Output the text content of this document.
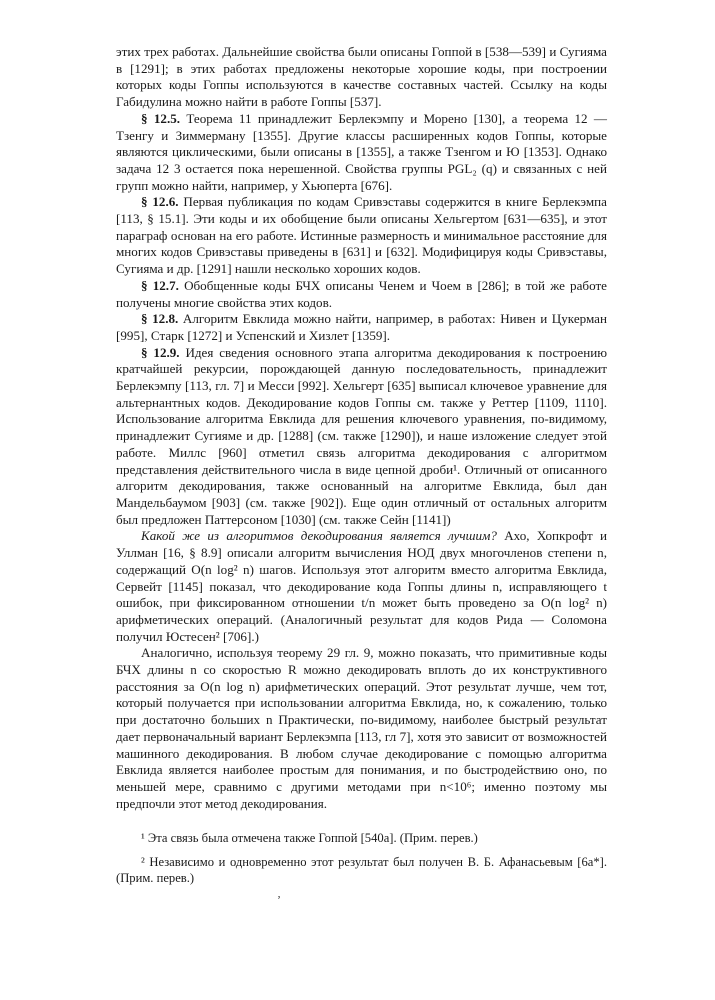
этих трех работах. Дальнейшие свойства были описаны Гоппой в [538—539] и Сугияма в [1291]; в этих работах предложены некоторые хорошие коды, при построении которых коды Гоппы используются в качестве составных частей. Ссылку на коды Габидулина можно найти в работе Гоппы [537].

§ 12.5. Теорема 11 принадлежит Берлекэмпу и Морено [130], а теорема 12 — Тзенгу и Зиммерману [1355]. Другие классы расширенных кодов Гоппы, которые являются циклическими, были описаны в [1355], а также Тзенгом и Ю [1353]. Однако задача 12 3 остается пока нерешенной. Свойства группы PGL₂ (q) и связанных с ней групп можно найти, например, у Хьюперта [676].

§ 12.6. Первая публикация по кодам Сривэставы содержится в книге Берлекэмпа [113, § 15.1]. Эти коды и их обобщение были описаны Хельгертом [631—635], и этот параграф основан на его работе. Истинные размерность и минимальное расстояние для многих кодов Сривэставы приведены в [631] и [632]. Модифицируя коды Сривэставы, Сугияма и др. [1291] нашли несколько хороших кодов.

§ 12.7. Обобщенные коды БЧХ описаны Ченем и Чоем в [286]; в той же работе получены многие свойства этих кодов.

§ 12.8. Алгоритм Евклида можно найти, например, в работах: Нивен и Цукерман [995], Старк [1272] и Успенский и Хизлет [1359].

§ 12.9. Идея сведения основного этапа алгоритма декодирования к построению кратчайшей рекурсии, порождающей данную последовательность, принадлежит Берлекэмпу [113, гл. 7] и Месси [992]. Хельгерт [635] выписал ключевое уравнение для альтернантных кодов. Декодирование кодов Гоппы см. также у Реттер [1109, 1110]. Использование алгоритма Евклида для решения ключевого уравнения, по-видимому, принадлежит Сугияме и др. [1288] (см. также [1290]), и наше изложение следует этой работе. Миллс [960] отметил связь алгоритма декодирования с алгоритмом представления действительного числа в виде цепной дроби¹. Отличный от описанного алгоритм декодирования, также основанный на алгоритме Евклида, был дан Мандельбаумом [903] (см. также [902]). Еще один отличный от остальных алгоритм был предложен Паттерсоном [1030] (см. также Сейн [1141])

Какой же из алгоритмов декодирования является лучшим? Ахо, Хопкрофт и Уллман [16, § 8.9] описали алгоритм вычисления НОД двух многочленов степени n, содержащий O(n log² n) шагов. Используя этот алгоритм вместо алгоритма Евклида, Сервейт [1145] показал, что декодирование кода Гоппы длины n, исправляющего t ошибок, при фиксированном отношении t/n может быть проведено за O(n log² n) арифметических операций. (Аналогичный результат для кодов Рида — Соломона получил Юстесен² [706].)

Аналогично, используя теорему 29 гл. 9, можно показать, что примитивные коды БЧХ длины n со скоростью R можно декодировать вплоть до их конструктивного расстояния за O(n log n) арифметических операций. Этот результат лучше, чем тот, который получается при использовании алгоритма Евклида, но, к сожалению, только при достаточно больших n Практически, по-видимому, наиболее быстрый результат дает первоначальный вариант Берлекэмпа [113, гл 7], хотя это зависит от возможностей машинного декодирования. В любом случае декодирование с помощью алгоритма Евклида является наиболее простым для понимания, и по быстродействию оно, по меньшей мере, сравнимо с другими методами при n<10⁶; именно поэтому мы предпочли этот метод декодирования.

¹ Эта связь была отмечена также Гоппой [540а]. (Прим. перев.)

² Независимо и одновременно этот результат был получен В. Б. Афанасьевым [6а*]. (Прим. перев.)

ʼ
